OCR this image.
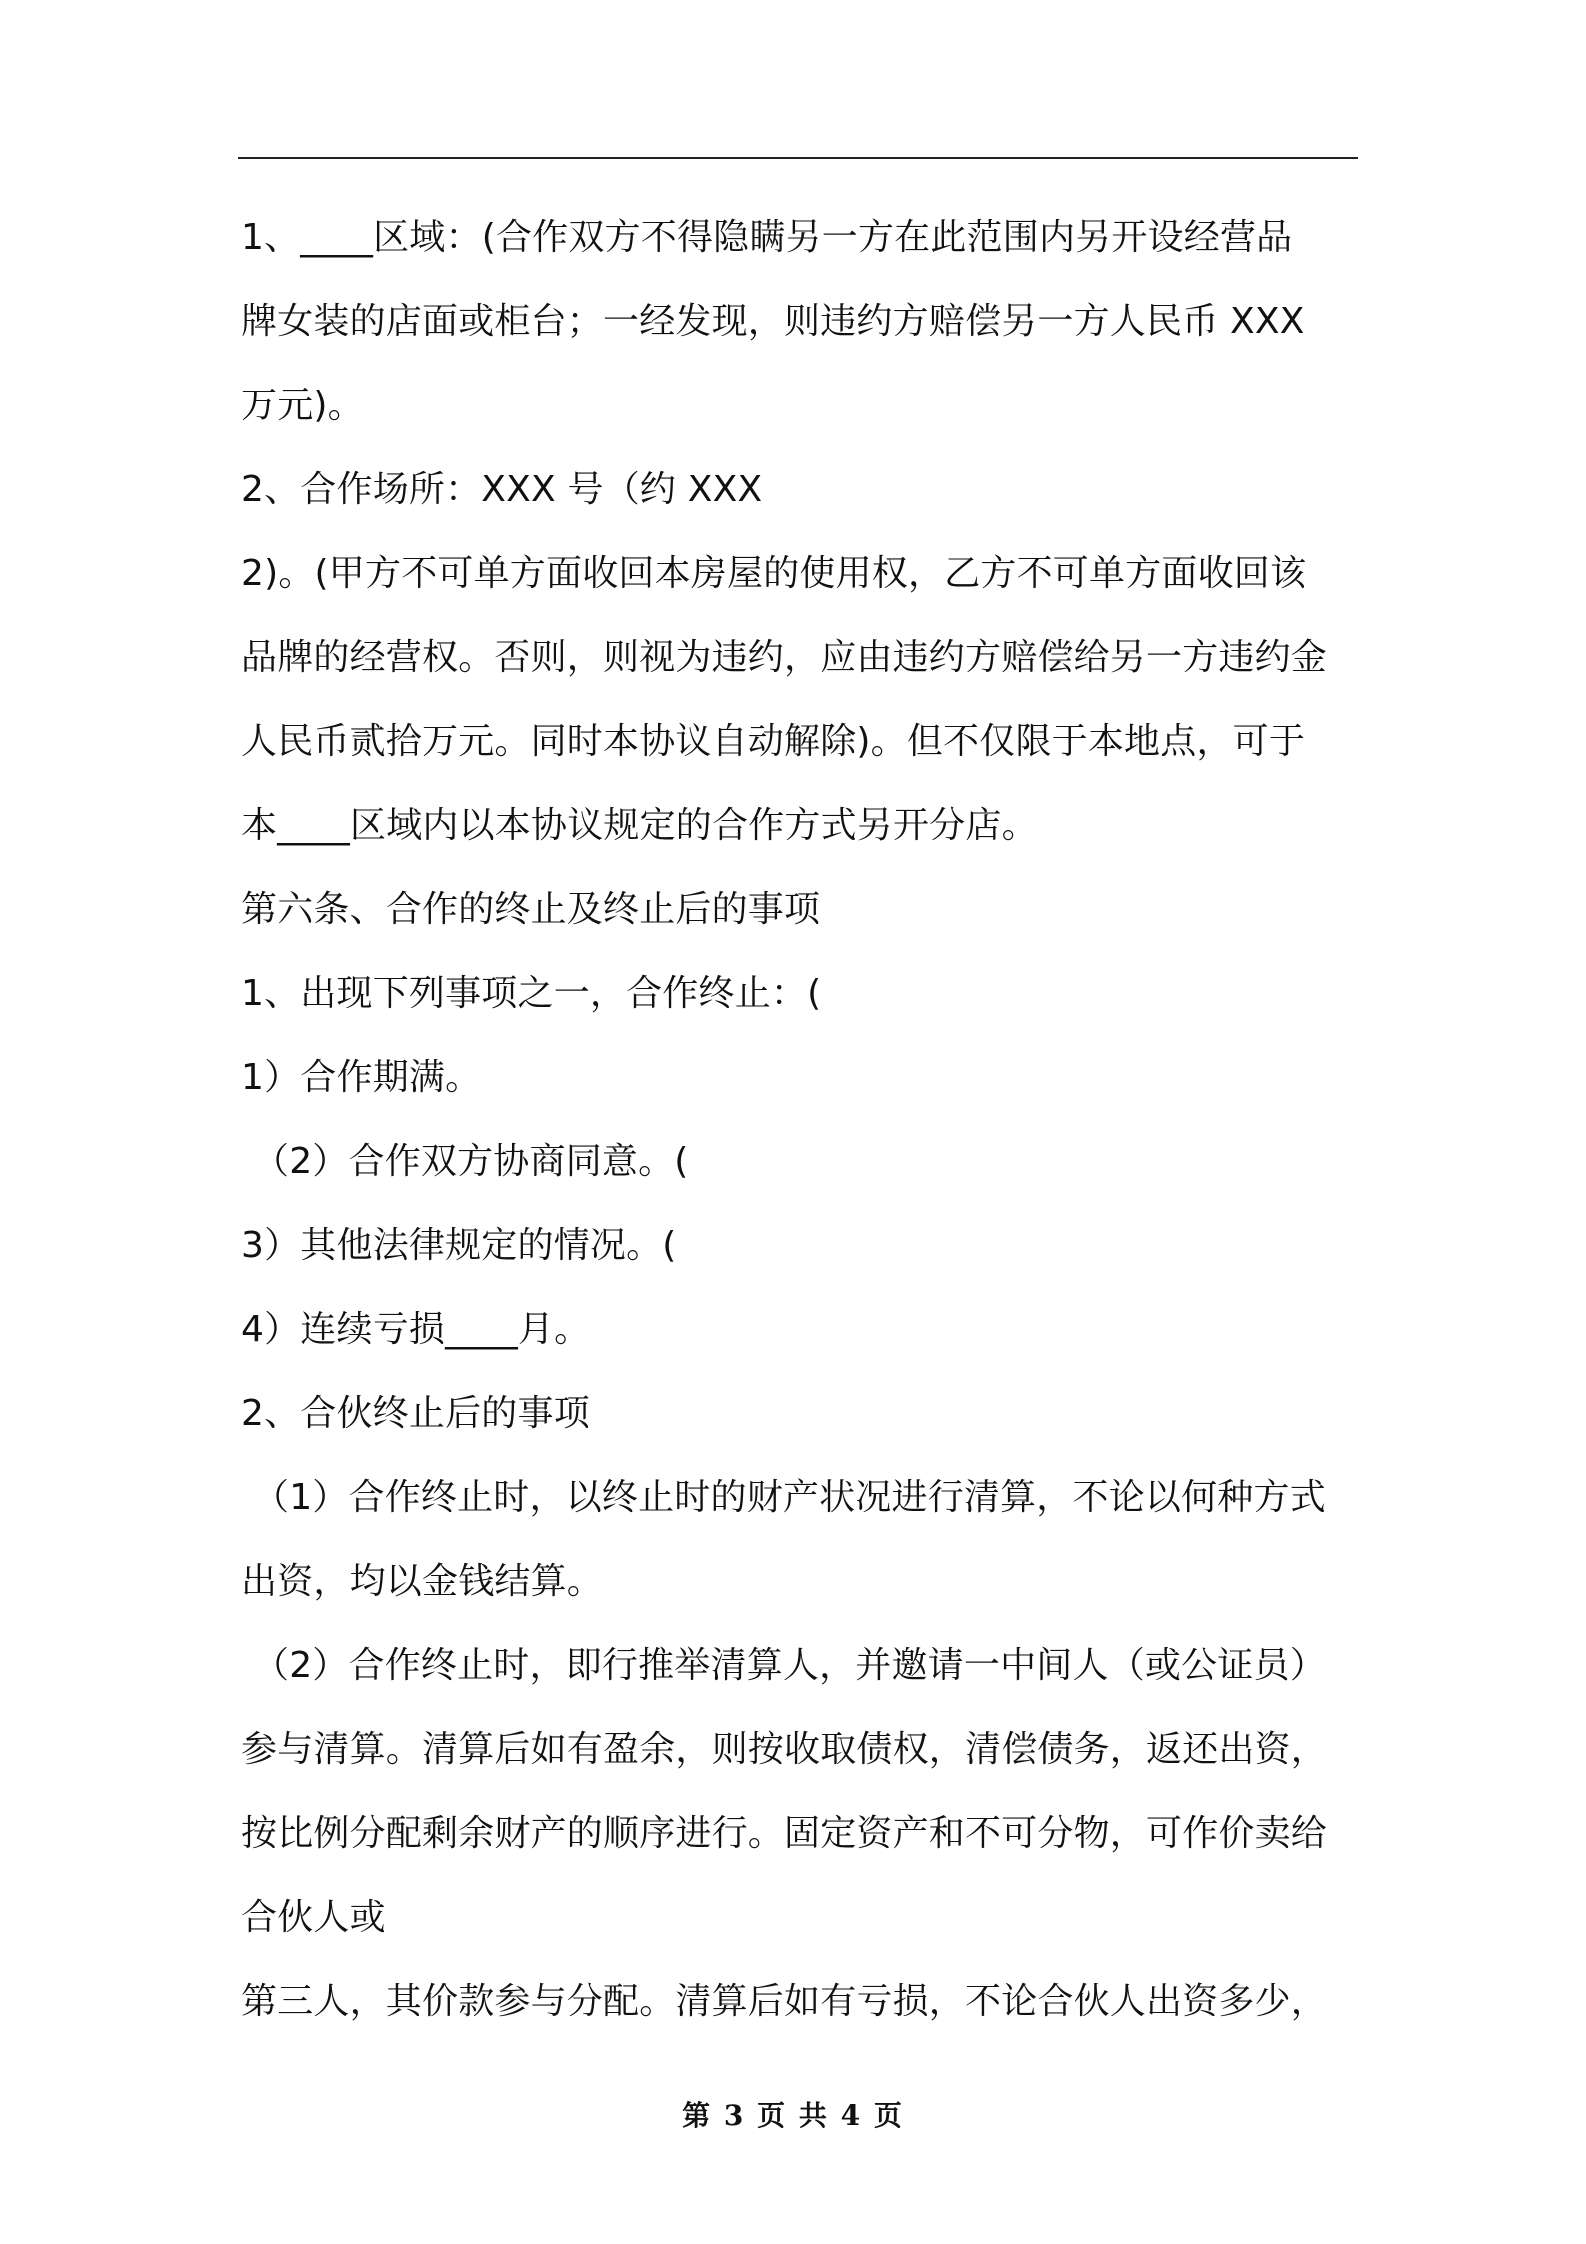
1、____区域：(合作双方不得隐瞒另一方在此范围内另开设经营品
牌女装的店面或柜台；一经发现，则违约方赔偿另一方人民币 XXX
万元)。
2、合作场所：XXX 号（约 XXX
2)。(甲方不可单方面收回本房屋的使用权，乙方不可单方面收回该
品牌的经营权。否则，则视为违约，应由违约方赔偿给另一方违约金
人民币贰拾万元。同时本协议自动解除)。但不仅限于本地点，可于
本____区域内以本协议规定的合作方式另开分店。
第六条、合作的终止及终止后的事项
1、出现下列事项之一，合作终止：(
1）合作期满。
（2）合作双方协商同意。(
3）其他法律规定的情况。(
4）连续亏损____月。
2、合伙终止后的事项
（1）合作终止时，以终止时的财产状况进行清算，不论以何种方式
出资，均以金钱结算。
（2）合作终止时，即行推举清算人，并邀请一中间人（或公证员）
参与清算。清算后如有盈余，则按收取债权，清偿债务，返还出资，
按比例分配剩余财产的顺序进行。固定资产和不可分物，可作价卖给
合伙人或
第三人，其价款参与分配。清算后如有亏损，不论合伙人出资多少，
第 3 页 共 4 页
